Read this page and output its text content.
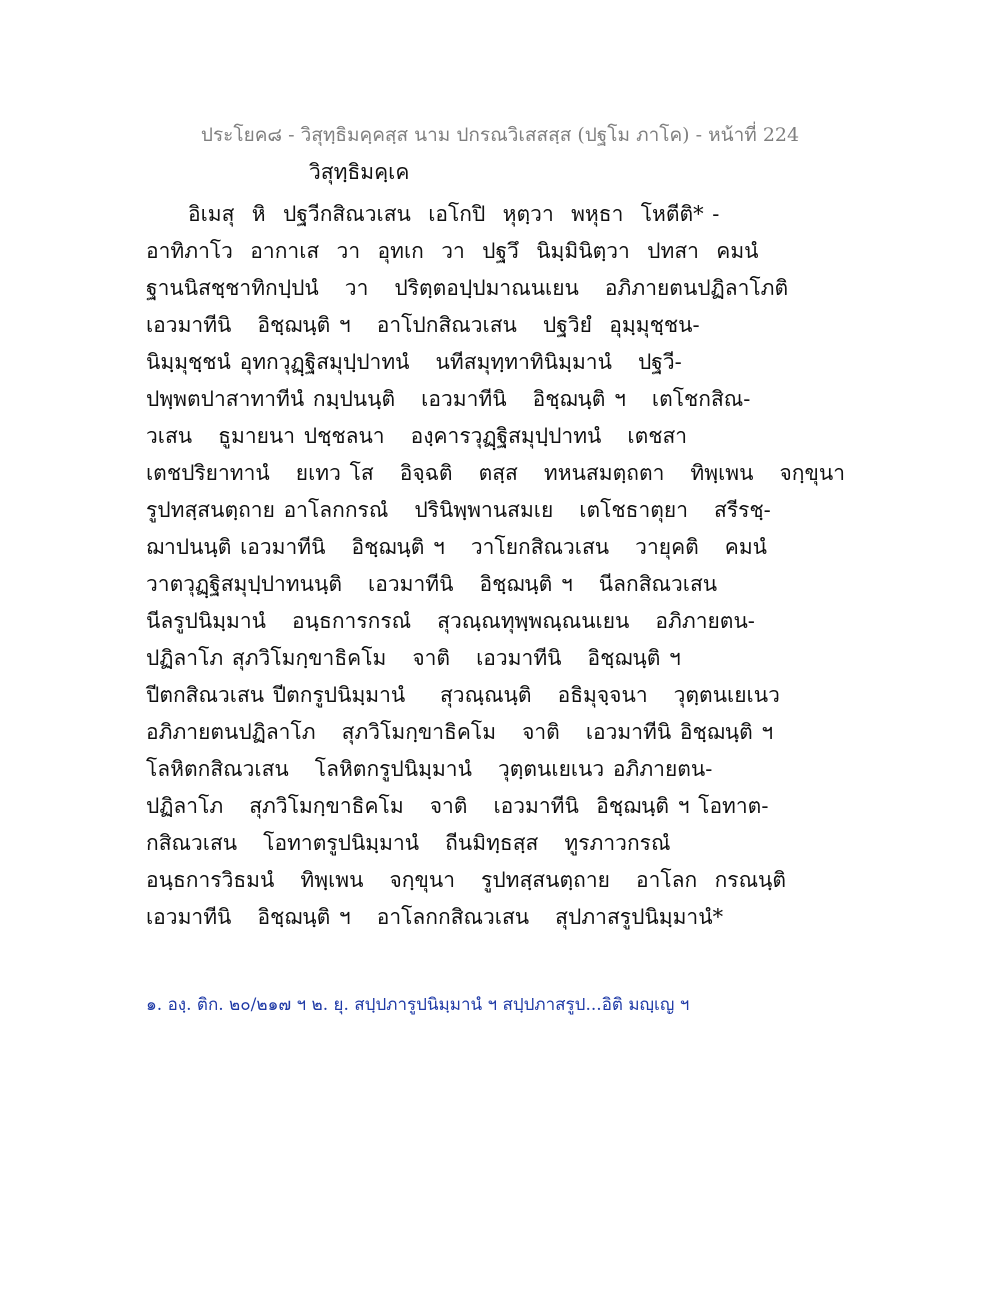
ประโยค๘ - วิสุทฺธิมคฺคสฺส นาม ปกรณวิเสสสฺส (ปฐโม ภาโค) - หน้าที่ 224
วิสุทฺธิมคฺเค
อิเมสุ  หิ  ปฐวีกสิณวเสน  เอโกปิ  หุตฺวา  พหุธา  โหตีติ* -
อาทิภาโว  อากาเส  วา  อุทเก  วา  ปฐวึ  นิมฺมินิตฺวา  ปทสา  คมนํ
ฐานนิสชฺชาทิกปฺปนํ   วา   ปริตฺตอปฺปมาณนเยน   อภิภายตนปฏิลาโภติ
เอวมาทีนิ   อิชฺฌนฺติ ฯ   อาโปกสิณวเสน   ปฐวิยํ  อุมฺมุชฺชน-
นิมฺมุชฺชนํ อุทกวุฏฺฐิสมุปฺปาทนํ   นทีสมุทฺทาทินิมฺมานํ   ปฐวี-
ปพฺพตปาสาทาทีนํ กมฺปนนฺติ   เอวมาทีนิ   อิชฺฌนฺติ ฯ   เตโชกสิณ-
วเสน   ธูมายนา ปชฺชลนา   องฺคารวุฏฺฐิสมุปฺปาทนํ   เตชสา
เตชปริยาทานํ   ยเทว โส   อิจฺฉติ   ตสฺส   ทหนสมตฺถตา   ทิพฺเพน   จกฺขุนา
รูปทสฺสนตฺถาย อาโลกกรณํ   ปรินิพฺพานสมเย   เตโชธาตุยา   สรีรชฺ-
ฌาปนนฺติ เอวมาทีนิ   อิชฺฌนฺติ ฯ   วาโยกสิณวเสน   วายุคติ   คมนํ
วาตวุฏฺฐิสมุปฺปาทนนฺติ   เอวมาทีนิ   อิชฺฌนฺติ ฯ   นีลกสิณวเสน
นีลรูปนิมฺมานํ   อนฺธการกรณํ   สุวณฺณทุพฺพณฺณนเยน   อภิภายตน-
ปฏิลาโภ สุภวิโมกฺขาธิคโม   จาติ   เอวมาทีนิ   อิชฺฌนฺติ ฯ
ปีตกสิณวเสน ปีตกรูปนิมฺมานํ    สุวณฺณนฺติ   อธิมุจฺจนา   วุตฺตนเยเนว
อภิภายตนปฏิลาโภ   สุภวิโมกฺขาธิคโม   จาติ   เอวมาทีนิ อิชฺฌนฺติ ฯ
โลหิตกสิณวเสน   โลหิตกรูปนิมฺมานํ   วุตฺตนเยเนว อภิภายตน-
ปฏิลาโภ   สุภวิโมกฺขาธิคโม   จาติ   เอวมาทีนิ  อิชฺฌนฺติ ฯ โอทาต-
กสิณวเสน   โอทาตรูปนิมฺมานํ   ถีนมิทฺธสฺส   ทูรภาวกรณํ
อนฺธการวิธมนํ   ทิพฺเพน   จกฺขุนา   รูปทสฺสนตฺถาย   อาโลก  กรณนฺติ
เอวมาทีนิ   อิชฺฌนฺติ ฯ   อาโลกกสิณวเสน   สุปภาสรูปนิมฺมานํ*
๑. องฺ. ติก. ๒๐/๒๑๗ ฯ ๒. ยุ. สปฺปภารูปนิมฺมานํ ฯ สปฺปภาสรูป...อิติ มญฺเญ ฯ
